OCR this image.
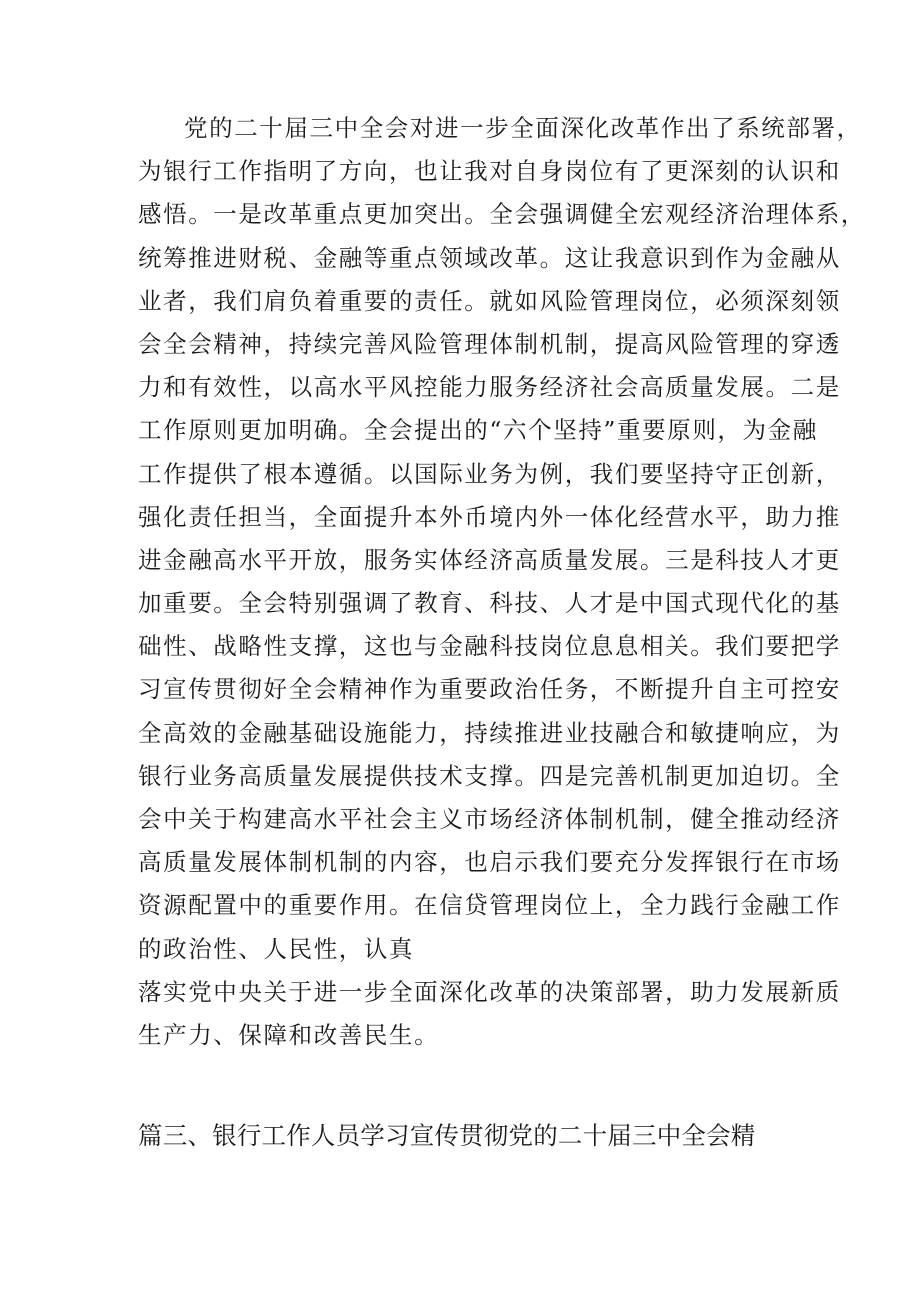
党的二十届三中全会对进一步全面深化改革作出了系统部署，
为银行工作指明了方向，也让我对自身岗位有了更深刻的认识和
感悟。一是改革重点更加突出。全会强调健全宏观经济治理体系，
统筹推进财税、金融等重点领域改革。这让我意识到作为金融从
业者，我们肩负着重要的责任。就如风险管理岗位，必须深刻领
会全会精神，持续完善风险管理体制机制，提高风险管理的穿透
力和有效性，以高水平风控能力服务经济社会高质量发展。二是
工作原则更加明确。全会提出的“六个坚持”重要原则，为金融
工作提供了根本遵循。以国际业务为例，我们要坚持守正创新，
强化责任担当，全面提升本外币境内外一体化经营水平，助力推
进金融高水平开放，服务实体经济高质量发展。三是科技人才更
加重要。全会特别强调了教育、科技、人才是中国式现代化的基
础性、战略性支撑，这也与金融科技岗位息息相关。我们要把学
习宣传贯彻好全会精神作为重要政治任务，不断提升自主可控安
全高效的金融基础设施能力，持续推进业技融合和敏捷响应，为
银行业务高质量发展提供技术支撑。四是完善机制更加迫切。全
会中关于构建高水平社会主义市场经济体制机制，健全推动经济
高质量发展体制机制的内容，也启示我们要充分发挥银行在市场
资源配置中的重要作用。在信贷管理岗位上，全力践行金融工作
的政治性、人民性，认真
落实党中央关于进一步全面深化改革的决策部署，助力发展新质
生产力、保障和改善民生。
篇三、银行工作人员学习宣传贯彻党的二十届三中全会精
